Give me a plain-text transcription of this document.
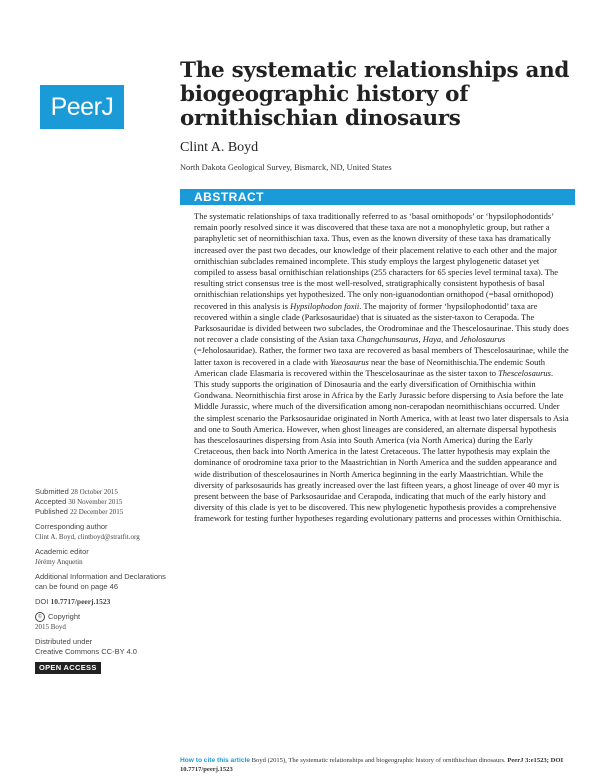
PeerJ
The systematic relationships and biogeographic history of ornithischian dinosaurs

Clint A. Boyd

North Dakota Geological Survey, Bismarck, ND, United States

ABSTRACT

The systematic relationships of taxa traditionally referred to as ‘basal ornithopods’ or ‘hypsilophodontids’ remain poorly resolved since it was discovered that these taxa are not a monophyletic group, but rather a paraphyletic set of neornithischian taxa. Thus, even as the known diversity of these taxa has dramatically increased over the past two decades, our knowledge of their placement relative to each other and the major ornithischian subclades remained incomplete. This study employs the largest phylogenetic dataset yet compiled to assess basal ornithischian relationships (255 characters for 65 species level terminal taxa). The resulting strict consensus tree is the most well-resolved, stratigraphically consistent hypothesis of basal ornithischian relationships yet hypothesized. The only non-iguanodontian ornithopod (=basal ornithopod) recovered in this analysis is Hypsilophodon foxii. The majority of former ‘hypsilophodontid’ taxa are recovered within a single clade (Parksosauridae) that is situated as the sister-taxon to Cerapoda. The Parksosauridae is divided between two subclades, the Orodrominae and the Thescelosaurinae. This study does not recover a clade consisting of the Asian taxa Changchunsaurus, Haya, and Jeholosaurus (=Jeholosauridae). Rather, the former two taxa are recovered as basal members of Thescelosaurinae, while the latter taxon is recovered in a clade with Yueosaurus near the base of Neornithischia.The endemic South American clade Elasmaria is recovered within the Thescelosaurinae as the sister taxon to Thescelosaurus. This study supports the origination of Dinosauria and the early diversification of Ornithischia within Gondwana. Neornithischia first arose in Africa by the Early Jurassic before dispersing to Asia before the late Middle Jurassic, where much of the diversification among non-cerapodan neornithischians occurred. Under the simplest scenario the Parksosauridae originated in North America, with at least two later dispersals to Asia and one to South America. However, when ghost lineages are considered, an alternate dispersal hypothesis has thescelosaurines dispersing from Asia into South America (via North America) during the Early Cretaceous, then back into North America in the latest Cretaceous. The latter hypothesis may explain the dominance of orodromine taxa prior to the Maastrichtian in North America and the sudden appearance and wide distribution of thescelosaurines in North America beginning in the early Maastrichtian. While the diversity of parksosaurids has greatly increased over the last fifteen years, a ghost lineage of over 40 myr is present between the base of Parksosauridae and Cerapoda, indicating that much of the early history and diversity of this clade is yet to be discovered. This new phylogenetic hypothesis provides a comprehensive framework for testing further hypotheses regarding evolutionary patterns and processes within Ornithischia.

Submitted 28 October 2015
Accepted 30 November 2015
Published 22 December 2015
Corresponding author
Clint A. Boyd, clintboyd@stratfit.org
Academic editor
Jérémy Anquetin
Additional Information and Declarations can be found on page 46
DOI 10.7717/peerj.1523
© Copyright
2015 Boyd
Distributed under
Creative Commons CC-BY 4.0
OPEN ACCESS

How to cite this article Boyd (2015), The systematic relationships and biogeographic history of ornithischian dinosaurs. PeerJ 3:e1523; DOI 10.7717/peerj.1523
